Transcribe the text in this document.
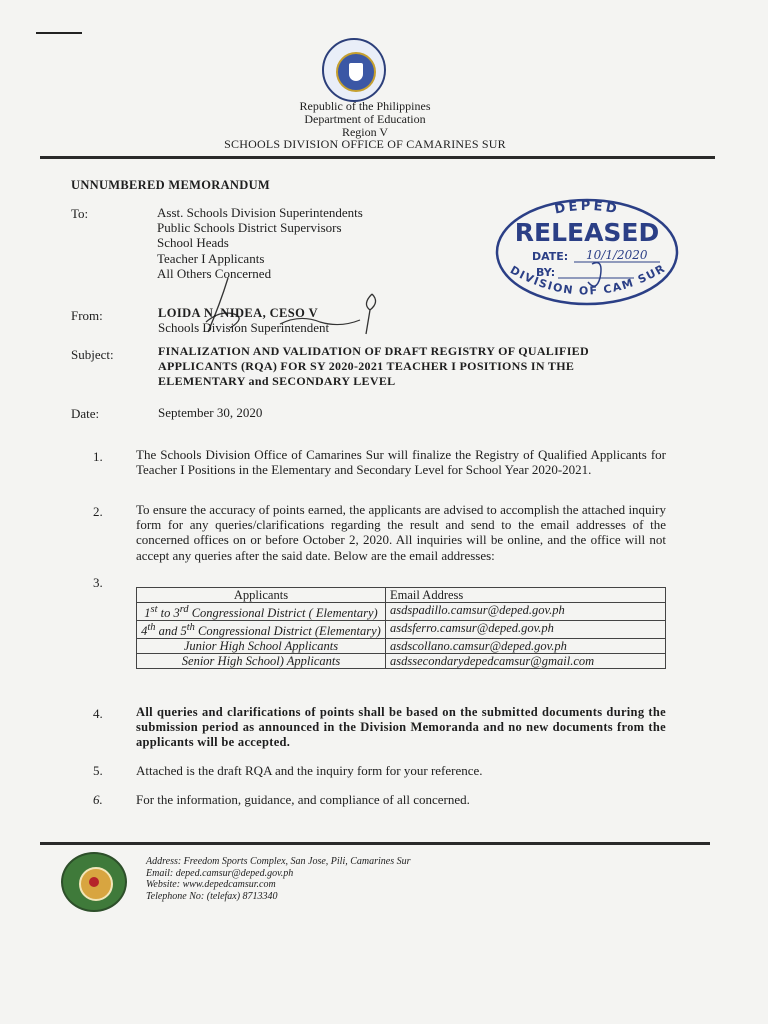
Republic of the Philippines
Department of Education
Region V
SCHOOLS DIVISION OFFICE OF CAMARINES SUR
UNNUMBERED MEMORANDUM
To:	Asst. Schools Division Superintendents
Public Schools District Supervisors
School Heads
Teacher I Applicants
All Others Concerned
DEPED
RELEASED
DATE: 10/1/2020
BY:
DIVISION OF CAM SUR
From:	LOIDA N. NIDEA, CESO V
Schools Division Superintendent
Subject:	FINALIZATION AND VALIDATION OF DRAFT REGISTRY OF QUALIFIED APPLICANTS (RQA) FOR SY 2020-2021 TEACHER I POSITIONS IN THE ELEMENTARY and SECONDARY LEVEL
Date:	September 30, 2020
1.	The Schools Division Office of Camarines Sur will finalize the Registry of Qualified Applicants for Teacher I Positions in the Elementary and Secondary Level for School Year 2020-2021.
2.	To ensure the accuracy of points earned, the applicants are advised to accomplish the attached inquiry form for any queries/clarifications regarding the result and send to the email addresses of the concerned offices on or before October 2, 2020. All inquiries will be online, and the office will not accept any queries after the said date. Below are the email addresses:
3.
Applicants	Email Address
1st to 3rd Congressional District ( Elementary)	asdspadillo.camsur@deped.gov.ph
4th and 5th Congressional District (Elementary)	asdsferro.camsur@deped.gov.ph
Junior High School Applicants	asdscollano.camsur@deped.gov.ph
Senior High School) Applicants	asdssecondarydepedcamsur@gmail.com
4.	All queries and clarifications of points shall be based on the submitted documents during the submission period as announced in the Division Memoranda and no new documents from the applicants will be accepted.
5.	Attached is the draft RQA and the inquiry form for your reference.
6.	For the information, guidance, and compliance of all concerned.
Address: Freedom Sports Complex, San Jose, Pili, Camarines Sur
Email: deped.camsur@deped.gov.ph
Website: www.depedcamsur.com
Telephone No: (telefax) 8713340
